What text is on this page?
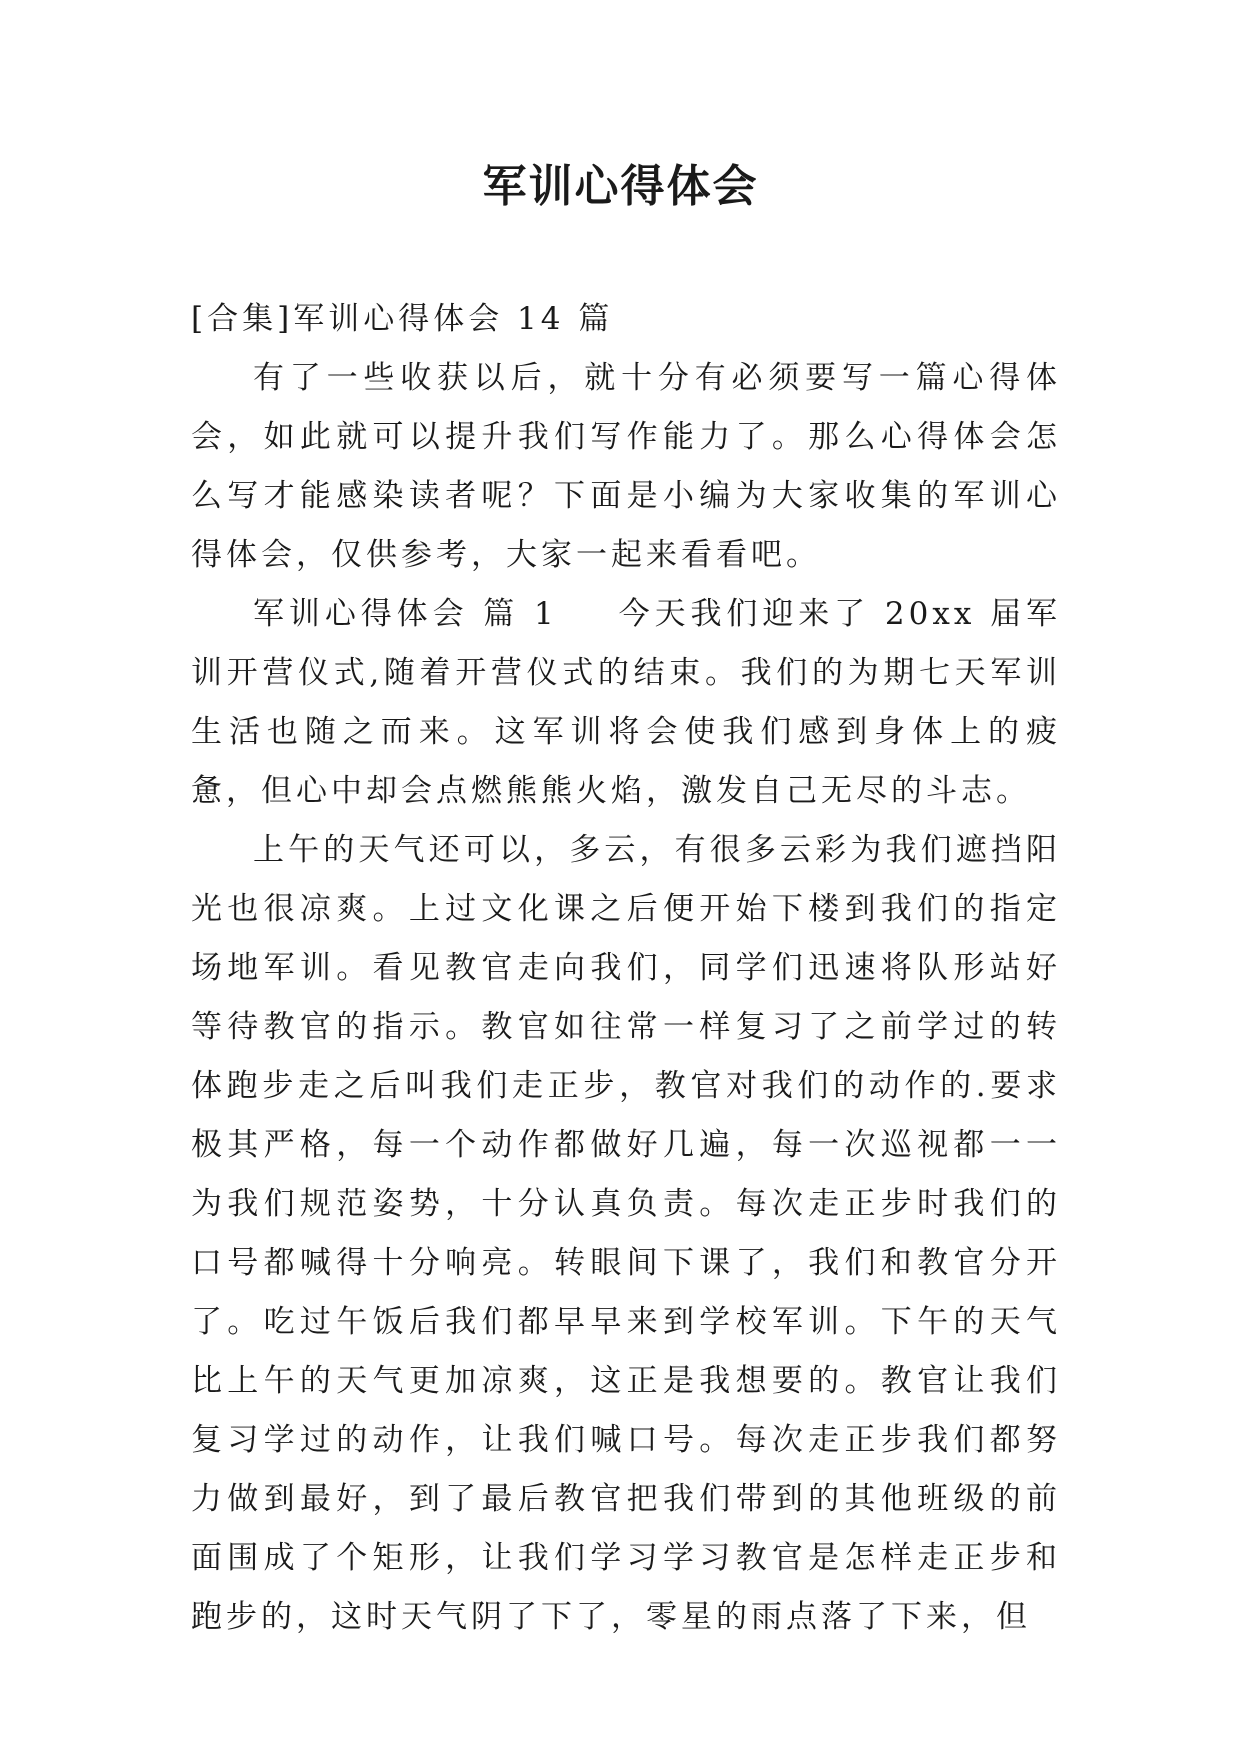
军训心得体会

[合集]军训心得体会 14 篇

有了一些收获以后，就十分有必须要写一篇心得体会，如此就可以提升我们写作能力了。那么心得体会怎么写才能感染读者呢？下面是小编为大家收集的军训心得体会，仅供参考，大家一起来看看吧。

军训心得体会 篇 1 今天我们迎来了 20xx 届军训开营仪式,随着开营仪式的结束。我们的为期七天军训生活也随之而来。这军训将会使我们感到身体上的疲惫，但心中却会点燃熊熊火焰，激发自己无尽的斗志。

上午的天气还可以，多云，有很多云彩为我们遮挡阳光也很凉爽。上过文化课之后便开始下楼到我们的指定场地军训。看见教官走向我们，同学们迅速将队形站好等待教官的指示。教官如往常一样复习了之前学过的转体跑步走之后叫我们走正步，教官对我们的动作的.要求极其严格，每一个动作都做好几遍，每一次巡视都一一为我们规范姿势，十分认真负责。每次走正步时我们的口号都喊得十分响亮。转眼间下课了，我们和教官分开了。吃过午饭后我们都早早来到学校军训。下午的天气比上午的天气更加凉爽，这正是我想要的。教官让我们复习学过的动作，让我们喊口号。每次走正步我们都努力做到最好，到了最后教官把我们带到的其他班级的前面围成了个矩形，让我们学习学习教官是怎样走正步和跑步的，这时天气阴了下了，零星的雨点落了下来，但
